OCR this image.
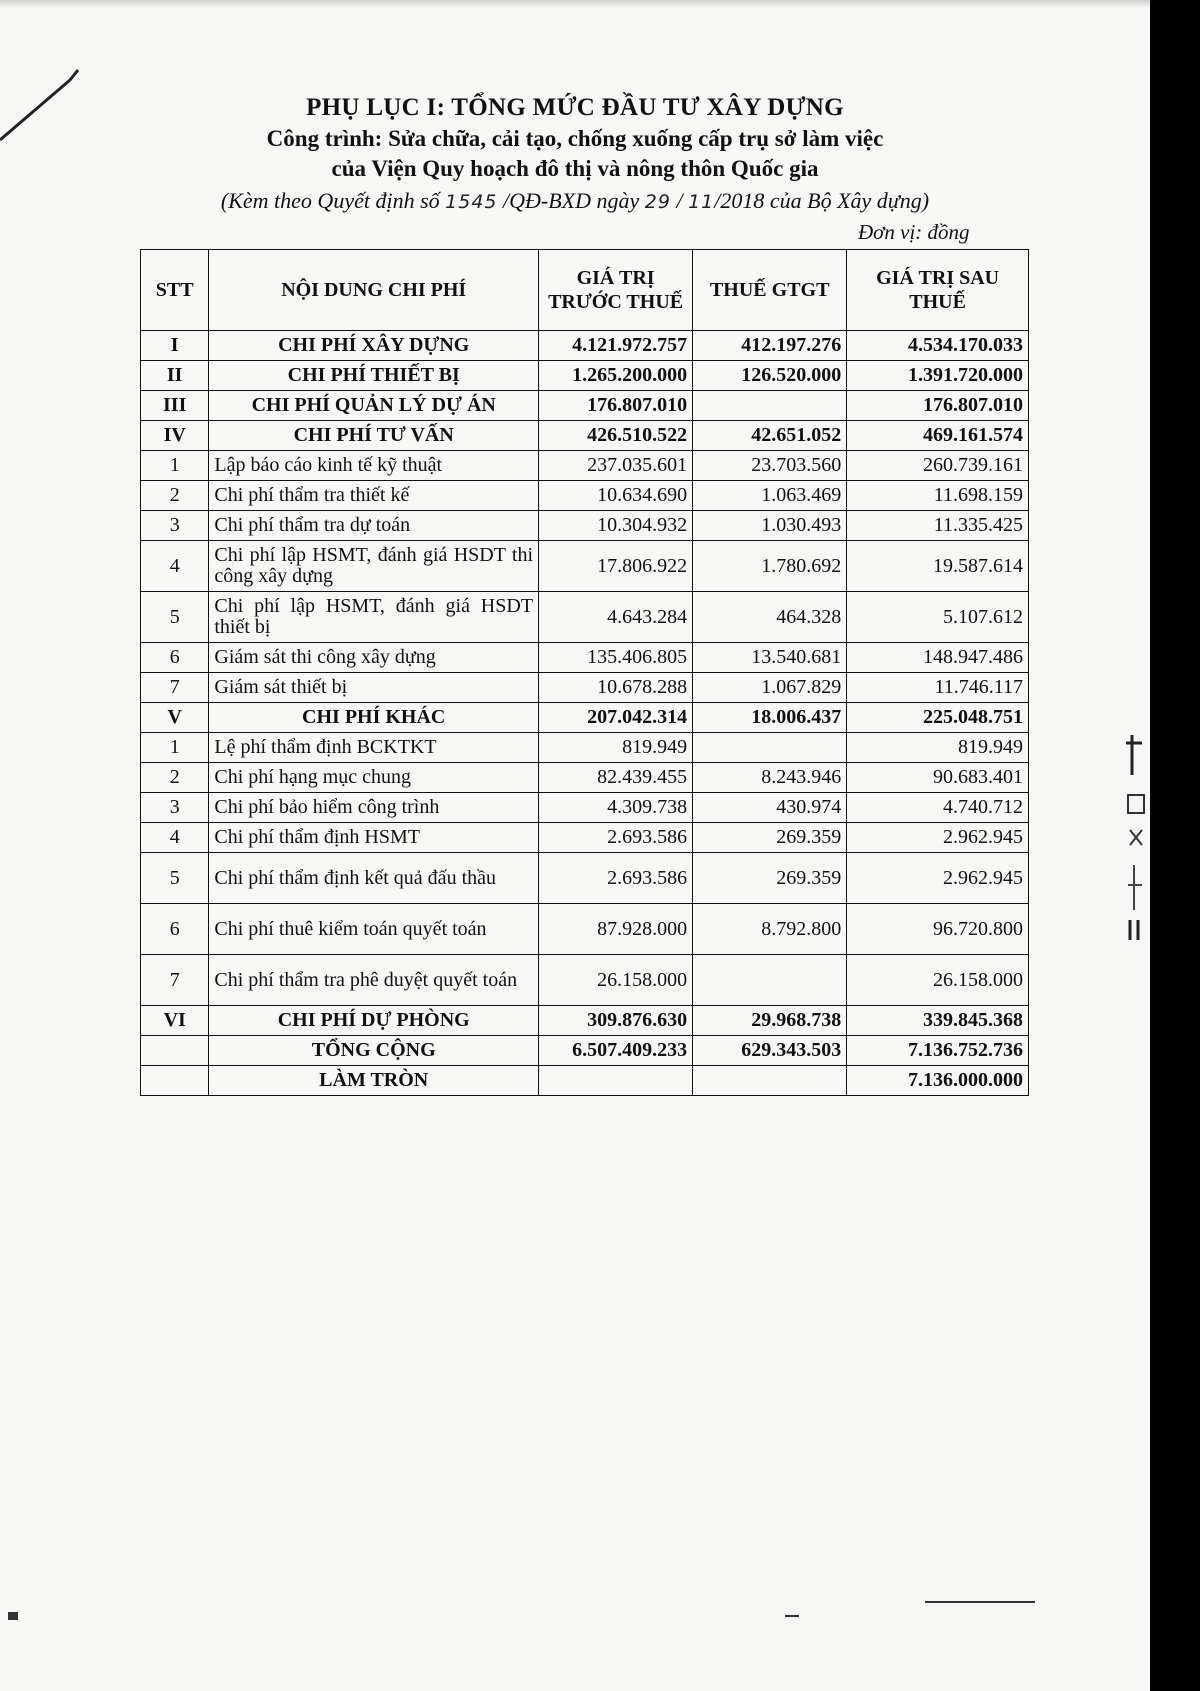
PHỤ LỤC I: TỔNG MỨC ĐẦU TƯ XÂY DỰNG
Công trình: Sửa chữa, cải tạo, chống xuống cấp trụ sở làm việc
của Viện Quy hoạch đô thị và nông thôn Quốc gia
(Kèm theo Quyết định số 1545 /QĐ-BXD ngày 29 / 11/2018 của Bộ Xây dựng)
Đơn vị: đồng
STT	NỘI DUNG CHI PHÍ	GIÁ TRỊ TRƯỚC THUẾ	THUẾ GTGT	GIÁ TRỊ SAU THUẾ
I	CHI PHÍ XÂY DỰNG	4.121.972.757	412.197.276	4.534.170.033
II	CHI PHÍ THIẾT BỊ	1.265.200.000	126.520.000	1.391.720.000
III	CHI PHÍ QUẢN LÝ DỰ ÁN	176.807.010		176.807.010
IV	CHI PHÍ TƯ VẤN	426.510.522	42.651.052	469.161.574
1	Lập báo cáo kinh tế kỹ thuật	237.035.601	23.703.560	260.739.161
2	Chi phí thẩm tra thiết kế	10.634.690	1.063.469	11.698.159
3	Chi phí thẩm tra dự toán	10.304.932	1.030.493	11.335.425
4	Chi phí lập HSMT, đánh giá HSDT thi công xây dựng	17.806.922	1.780.692	19.587.614
5	Chi phí lập HSMT, đánh giá HSDT thiết bị	4.643.284	464.328	5.107.612
6	Giám sát thi công xây dựng	135.406.805	13.540.681	148.947.486
7	Giám sát thiết bị	10.678.288	1.067.829	11.746.117
V	CHI PHÍ KHÁC	207.042.314	18.006.437	225.048.751
1	Lệ phí thẩm định BCKTKT	819.949		819.949
2	Chi phí hạng mục chung	82.439.455	8.243.946	90.683.401
3	Chi phí bảo hiểm công trình	4.309.738	430.974	4.740.712
4	Chi phí thẩm định HSMT	2.693.586	269.359	2.962.945
5	Chi phí thẩm định kết quả đấu thầu	2.693.586	269.359	2.962.945
6	Chi phí thuê kiểm toán quyết toán	87.928.000	8.792.800	96.720.800
7	Chi phí thẩm tra phê duyệt quyết toán	26.158.000		26.158.000
VI	CHI PHÍ DỰ PHÒNG	309.876.630	29.968.738	339.845.368
	TỔNG CỘNG	6.507.409.233	629.343.503	7.136.752.736
	LÀM TRÒN			7.136.000.000
